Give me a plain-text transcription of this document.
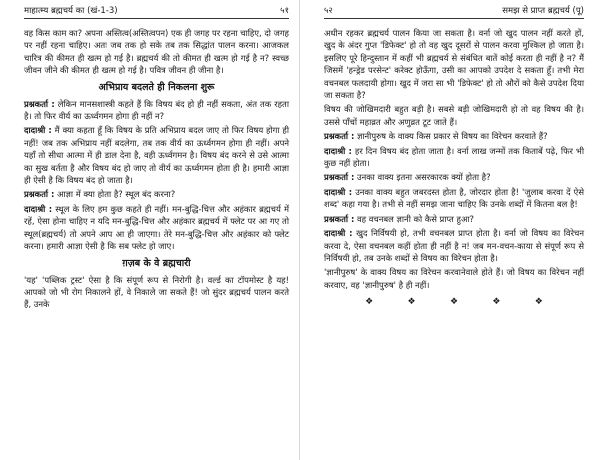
माहात्म्य ब्रह्मचर्य का (खं-1-3)	५१

वह किस काम का? अपना अस्तित्व(अस्तित्वपन) एक ही जगह पर रहना चाहिए, दो जगह पर नहीं रहना चाहिए। अतः जब तक हो सके तब तक सिद्धांत पालन करना। आजकल चारित्र की कीमत ही खत्म हो गई है। ब्रह्मचर्य की तो कीमत ही खत्म हो गई है न? स्वच्छ जीवन जीने की कीमत ही खत्म हो गई है। पवित्र जीवन ही जीना है।

अभिप्राय बदलते ही निकलना शुरू

प्रश्नकर्ता : लेकिन मानसशास्त्री कहते हैं कि विषय बंद हो ही नहीं सकता, अंत तक रहता है। तो फिर वीर्य का ऊर्ध्वगमन होगा ही नहीं न?

दादाश्री : मैं क्या कहता हूँ कि विषय के प्रति अभिप्राय बदल जाए तो फिर विषय होगा ही नहीं! जब तक अभिप्राय नहीं बदलेगा, तब तक वीर्य का ऊर्ध्वगमन होगा ही नहीं। अपने यहाँ तो सीधा आत्मा में ही डाल देना है, वही ऊर्ध्वगमन है। विषय बंद करने से उसे आत्मा का सुख बर्तता है और विषय बंद हो जाए तो वीर्य का ऊर्ध्वगमन होता ही है। हमारी आज्ञा ही ऐसी है कि विषय बंद हो जाता है।

प्रश्नकर्ता : आज्ञा में क्या होता है? स्थूल बंद करना?

दादाश्री : स्थूल के लिए हम कुछ कहते ही नहीं। मन-बुद्धि-चित्त और अहंकार ब्रह्मचर्य में रहें, ऐसा होना चाहिए न यदि मन-बुद्धि-चित्त और अहंकार ब्रह्मचर्य में फ्लेट पर आ गए तो स्थूल(ब्रह्मचर्य) तो अपने आप आ ही जाएगा। तेरे मन-बुद्धि-चित्त और अहंकार को फ्लेट करना। हमारी आज्ञा ऐसी है कि सब फ्लेट हो जाए।

ग़ज़ब के वे ब्रह्मचारी

'यह' 'पब्लिक ट्रस्ट' ऐसा है कि संपूर्ण रूप से निरोगी है। वर्ल्ड का टॉपमोस्ट है यह! आपको जो भी रोग निकालने हों, वे निकाले जा सकते हैं! जो सुंदर ब्रह्मचर्य पालन करते हैं, उनके

५२	समझ से प्राप्त ब्रह्मचर्य (पू)

अधीन रहकर ब्रह्मचर्य पालन किया जा सकता है। वर्ना जो खुद पालन नहीं करते हों, खुद के अंदर गुप्त 'डिफेक्ट' हो तो वह खुद दूसरों से पालन करवा मुश्किल हो जाता है। इसलिए पूरे हिन्दुस्तान में कहीं भी ब्रह्मचर्य से संबंधित बातें कोई करता ही नहीं है न? मैं जिसमें 'हन्ड्रेड परसेन्ट' करेक्ट होऊँगा, उसी का आपको उपदेश दे सकता हूँ। तभी मेरा वचनबल फलदायी होगा। खुद में जरा सा भी 'डिफेक्ट' हो तो औरों को कैसे उपदेश दिया जा सकता है?

विषय की जोखिमदारी बहुत बड़ी है। सबसे बड़ी जोखिमदारी हो तो वह विषय की है। उससे पाँचों महाव्रत और अणुव्रत टूट जाते हैं।

प्रश्नकर्ता : ज्ञानीपुरुष के वाक्य किस प्रकार से विषय का विरेचन करवाते हैं?

दादाश्री : हर दिन विषय बंद होता जाता है। वर्ना लाख जन्मों तक किताबें पढ़े, फिर भी कुछ नहीं होता।

प्रश्नकर्ता : उनका वाक्य इतना असरकारक क्यों होता है?

दादाश्री : उनका वाक्य बहुत जबरदस्त होता है, जोरदार होता है! 'जुलाब करवा दें ऐसे शब्द' कहा गया है। तभी से नहीं समझ जाना चाहिए कि उनके शब्दों में कितना बल है!

प्रश्नकर्ता : वह वचनबल ज्ञानी को कैसे प्राप्त हुआ?

दादाश्री : खुद निर्विषयी हो, तभी वचनबल प्राप्त होता है। वर्ना जो विषय का विरेचन करवा दे, ऐसा वचनबल कहीं होता ही नहीं है न! जब मन-वचन-काया से संपूर्ण रूप से निर्विषयी हो, तब उनके शब्दों से विषय का विरेचन होता है।

'ज्ञानीपुरुष' के वाक्य विषय का विरेचन करवानेवाले होते हैं। जो विषय का विरेचन नहीं करवाए, वह 'ज्ञानीपुरुष' है ही नहीं।

❖	❖	❖	❖	❖
